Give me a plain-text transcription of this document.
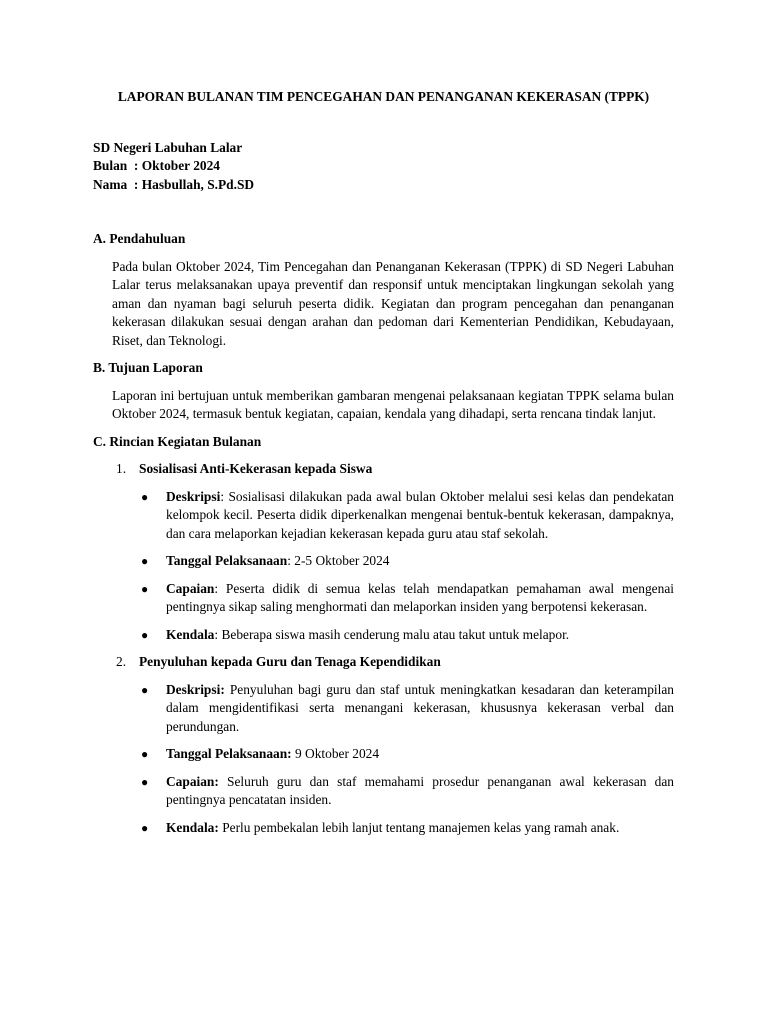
LAPORAN BULANAN TIM PENCEGAHAN DAN PENANGANAN KEKERASAN (TPPK)
SD Negeri Labuhan Lalar
Bulan  : Oktober 2024
Nama  : Hasbullah, S.Pd.SD
A. Pendahuluan
Pada bulan Oktober 2024, Tim Pencegahan dan Penanganan Kekerasan (TPPK) di SD Negeri Labuhan Lalar terus melaksanakan upaya preventif dan responsif untuk menciptakan lingkungan sekolah yang aman dan nyaman bagi seluruh peserta didik. Kegiatan dan program pencegahan dan penanganan kekerasan dilakukan sesuai dengan arahan dan pedoman dari Kementerian Pendidikan, Kebudayaan, Riset, dan Teknologi.
B. Tujuan Laporan
Laporan ini bertujuan untuk memberikan gambaran mengenai pelaksanaan kegiatan TPPK selama bulan Oktober 2024, termasuk bentuk kegiatan, capaian, kendala yang dihadapi, serta rencana tindak lanjut.
C. Rincian Kegiatan Bulanan
1. Sosialisasi Anti-Kekerasan kepada Siswa
● Deskripsi: Sosialisasi dilakukan pada awal bulan Oktober melalui sesi kelas dan pendekatan kelompok kecil. Peserta didik diperkenalkan mengenai bentuk-bentuk kekerasan, dampaknya, dan cara melaporkan kejadian kekerasan kepada guru atau staf sekolah.
● Tanggal Pelaksanaan: 2-5 Oktober 2024
● Capaian: Peserta didik di semua kelas telah mendapatkan pemahaman awal mengenai pentingnya sikap saling menghormati dan melaporkan insiden yang berpotensi kekerasan.
● Kendala: Beberapa siswa masih cenderung malu atau takut untuk melapor.
2. Penyuluhan kepada Guru dan Tenaga Kependidikan
● Deskripsi: Penyuluhan bagi guru dan staf untuk meningkatkan kesadaran dan keterampilan dalam mengidentifikasi serta menangani kekerasan, khususnya kekerasan verbal dan perundungan.
● Tanggal Pelaksanaan: 9 Oktober 2024
● Capaian: Seluruh guru dan staf memahami prosedur penanganan awal kekerasan dan pentingnya pencatatan insiden.
● Kendala: Perlu pembekalan lebih lanjut tentang manajemen kelas yang ramah anak.
